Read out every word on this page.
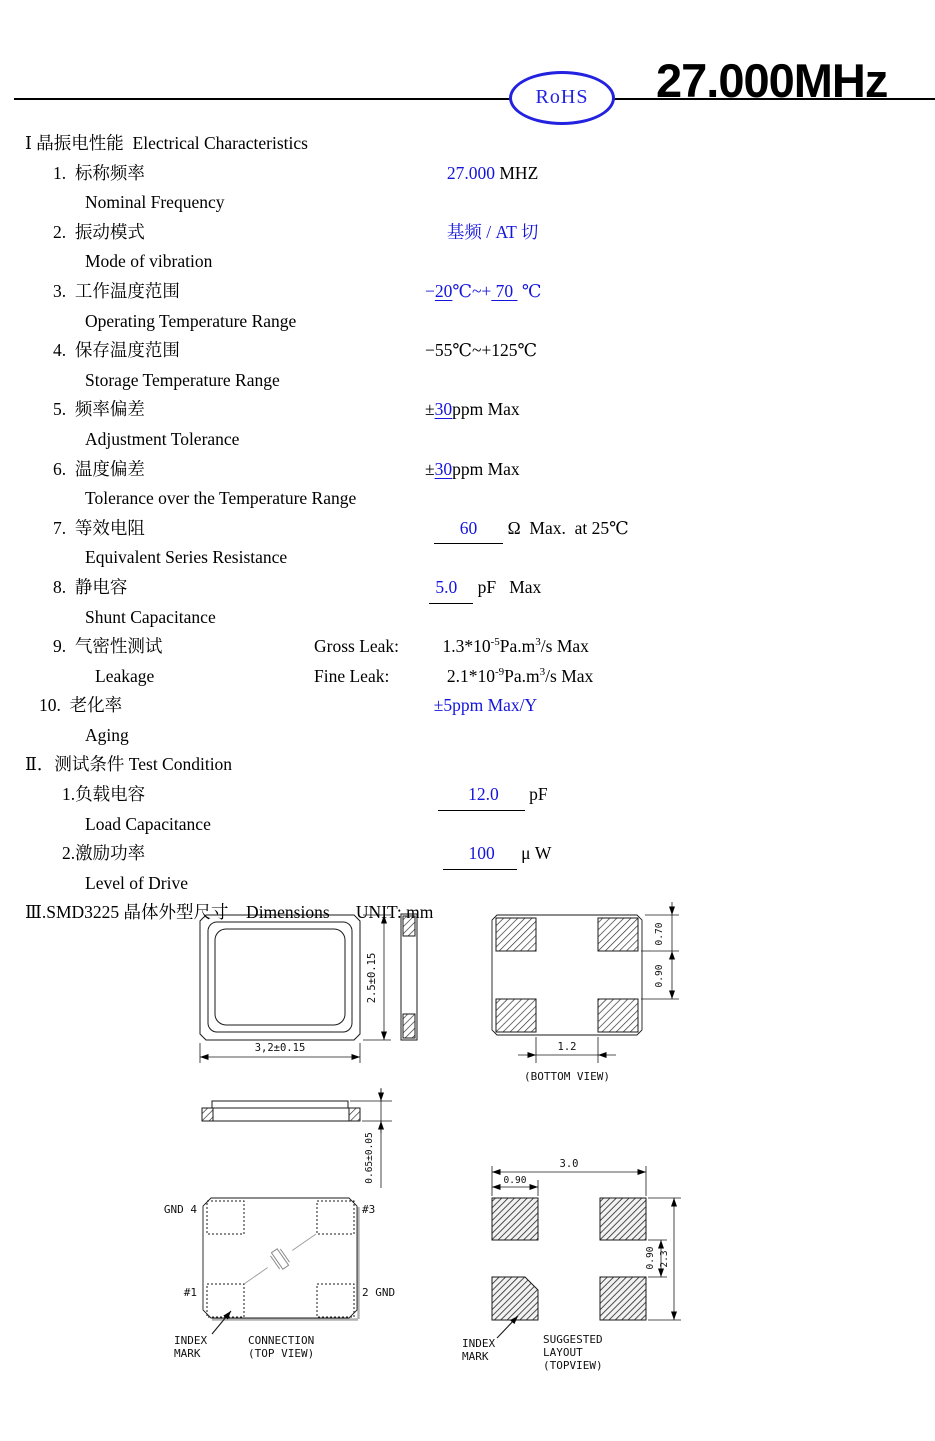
RoHS	27.000MHz
Ⅰ 晶振电性能  Electrical Characteristics
1.  标称频率	27.000 MHZ
Nominal Frequency
2.  振动模式	基频 / AT 切
Mode of vibration
3.  工作温度范围	−20℃~+ 70  ℃
Operating Temperature Range
4.  保存温度范围	−55℃~+125℃
Storage Temperature Range
5.  频率偏差	±30ppm Max
Adjustment Tolerance
6.  温度偏差	±30ppm Max
Tolerance over the Temperature Range
7.  等效电阻	60 Ω  Max.  at 25℃
Equivalent Series Resistance
8.  静电容	5.0 pF   Max
Shunt Capacitance
9.  气密性测试	Gross Leak:	$1.3*10^{-5}Pa.m^3/s$ Max
Leakage	Fine Leak:	$2.1*10^{-9}Pa.m^3/s$ Max
10.  老化率	±5ppm Max/Y
Aging
Ⅱ．测试条件 Test Condition
1.负载电容	12.0 pF
Load Capacitance
2.激励功率	100 μ W
Level of Drive
Ⅲ.SMD3225 晶体外型尺寸    Dimensions      UNIT: mm
3,2±0.15
2.5±0.15
0.70
0.90
1.2
(BOTTOM VIEW)
0.65±0.05
GND 4	#3
#1	2 GND
INDEX
MARK
CONNECTION
(TOP VIEW)
3.0
0.90
0.90 2.3
INDEX
MARK
SUGGESTED
LAYOUT
(TOPVIEW)
